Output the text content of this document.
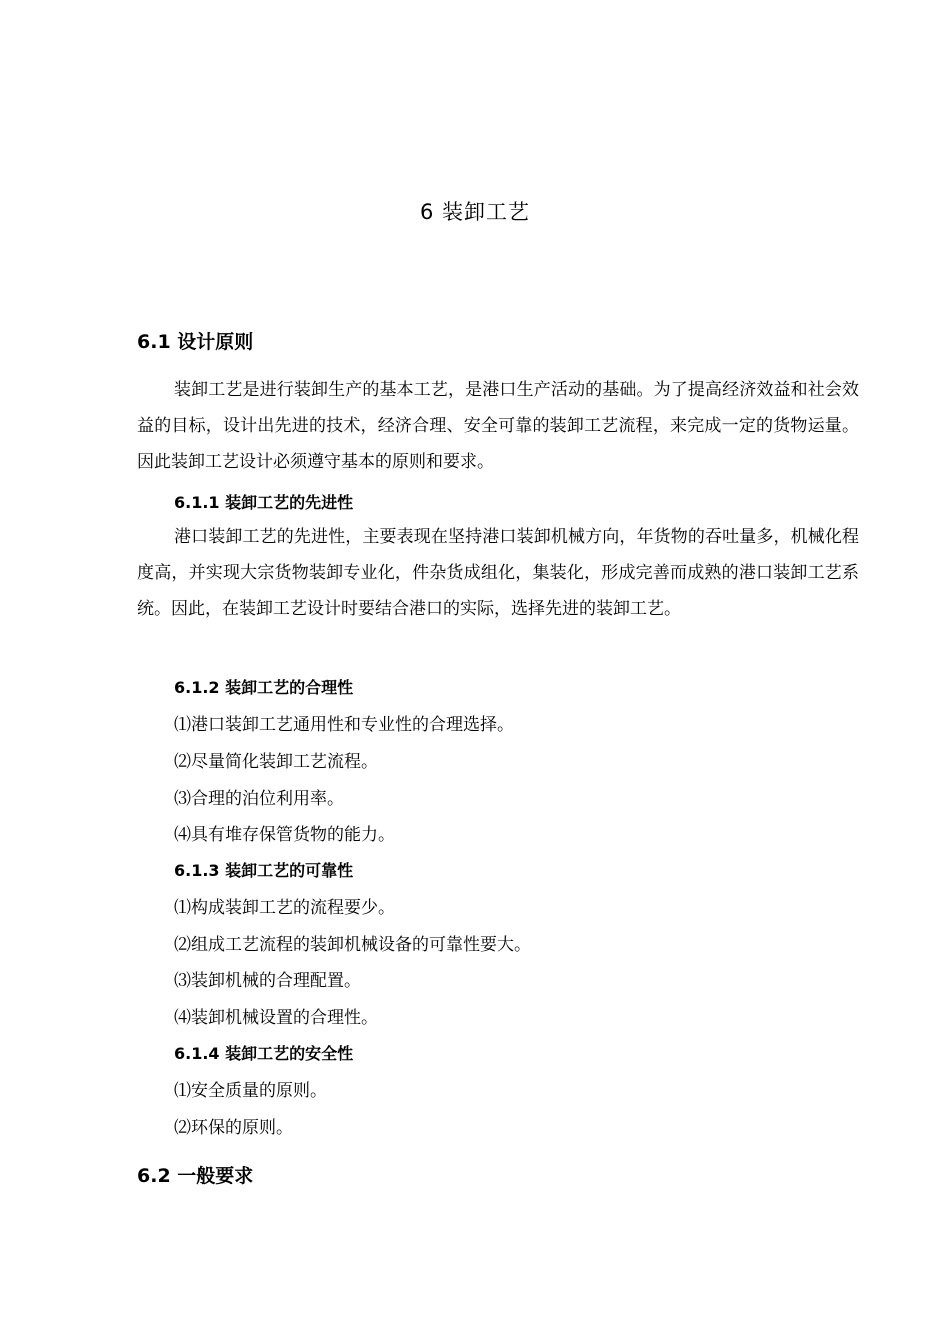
6 装卸工艺
6.1 设计原则
装卸工艺是进行装卸生产的基本工艺，是港口生产活动的基础。为了提高经济效益和社会效益的目标，设计出先进的技术，经济合理、安全可靠的装卸工艺流程，来完成一定的货物运量。因此装卸工艺设计必须遵守基本的原则和要求。
6.1.1 装卸工艺的先进性
港口装卸工艺的先进性，主要表现在坚持港口装卸机械方向，年货物的吞吐量多，机械化程度高，并实现大宗货物装卸专业化，件杂货成组化，集装化，形成完善而成熟的港口装卸工艺系统。因此，在装卸工艺设计时要结合港口的实际，选择先进的装卸工艺。
6.1.2 装卸工艺的合理性
⑴港口装卸工艺通用性和专业性的合理选择。
⑵尽量简化装卸工艺流程。
⑶合理的泊位利用率。
⑷具有堆存保管货物的能力。
6.1.3 装卸工艺的可靠性
⑴构成装卸工艺的流程要少。
⑵组成工艺流程的装卸机械设备的可靠性要大。
⑶装卸机械的合理配置。
⑷装卸机械设置的合理性。
6.1.4 装卸工艺的安全性
⑴安全质量的原则。
⑵环保的原则。
6.2 一般要求
